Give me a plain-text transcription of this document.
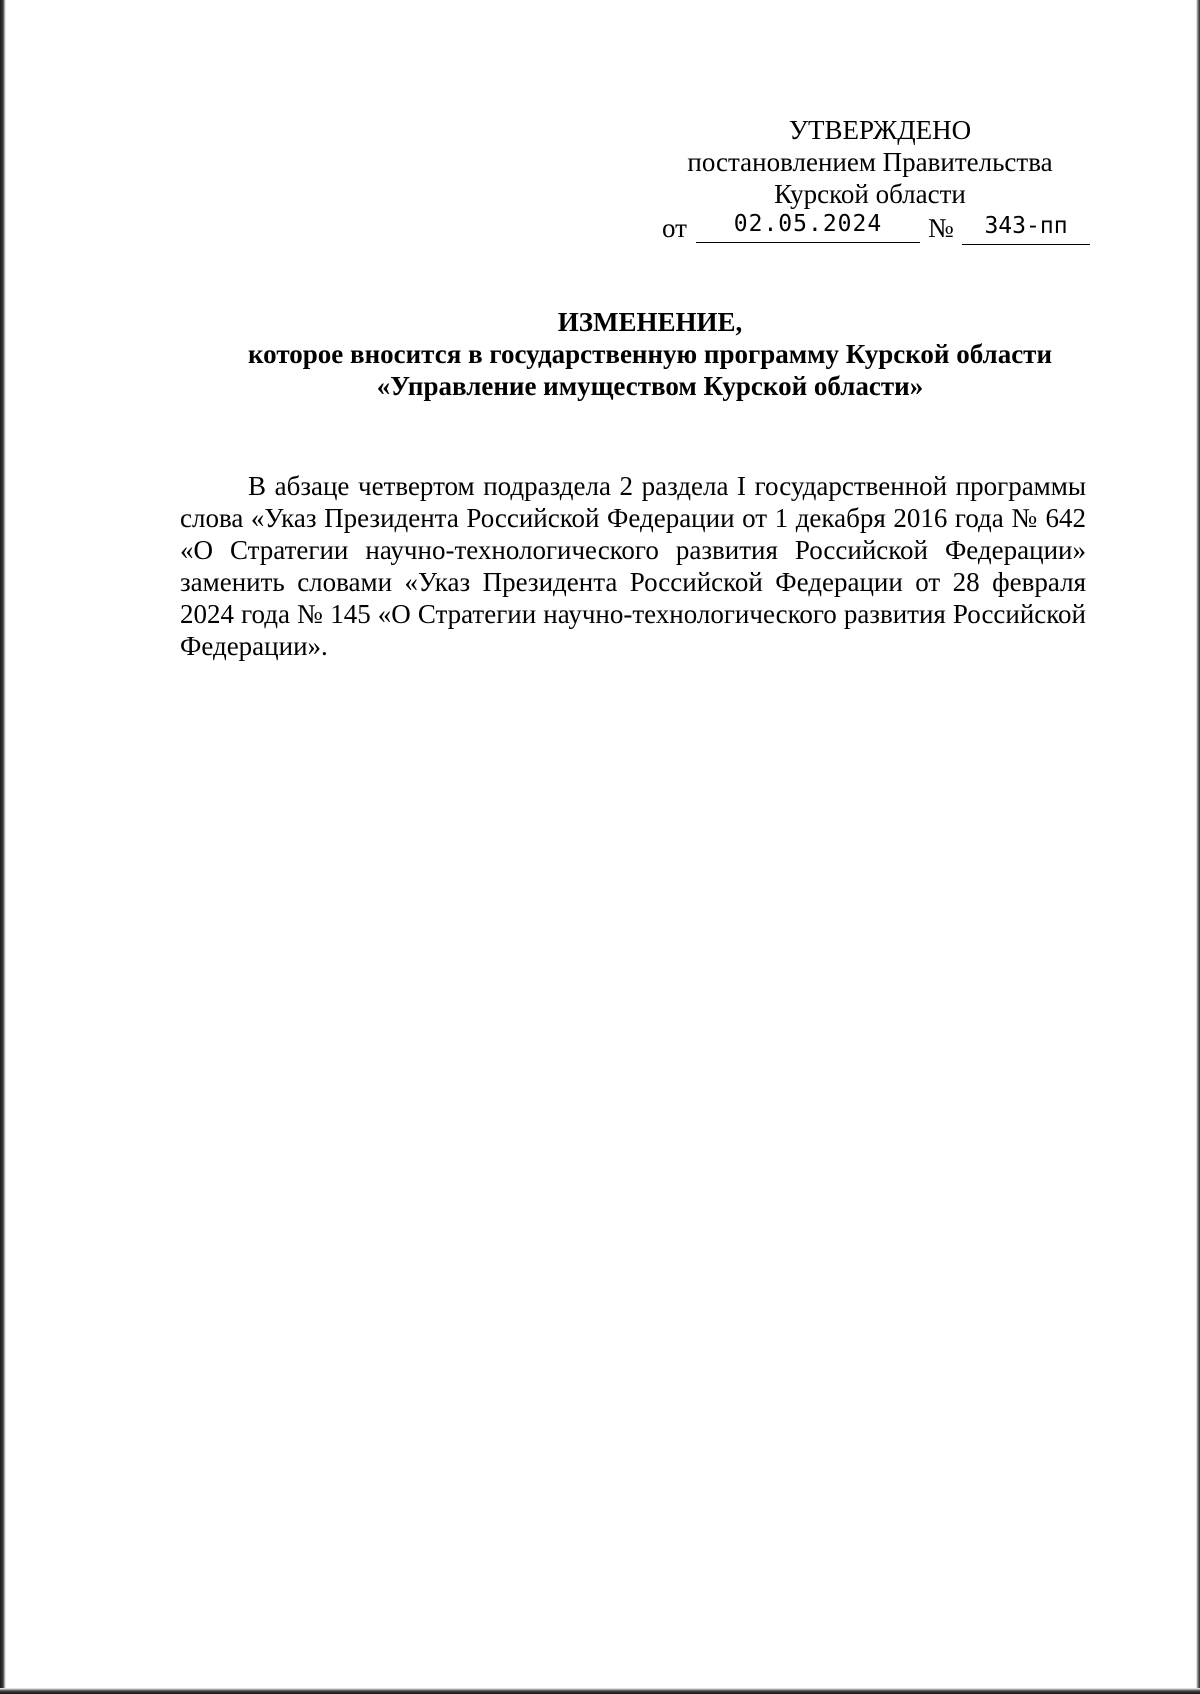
УТВЕРЖДЕНО
постановлением Правительства
Курской области
от	02.05.2024	№	343-пп
ИЗМЕНЕНИЕ,
которое вносится в государственную программу Курской области
«Управление имуществом Курской области»

В абзаце четвертом подраздела 2 раздела I государственной программы слова «Указ Президента Российской Федерации от 1 декабря 2016 года № 642 «О Стратегии научно-технологического развития Российской Федерации» заменить словами «Указ Президента Российской Федерации от 28 февраля 2024 года № 145 «О Стратегии научно-технологического развития Российской Федерации».
